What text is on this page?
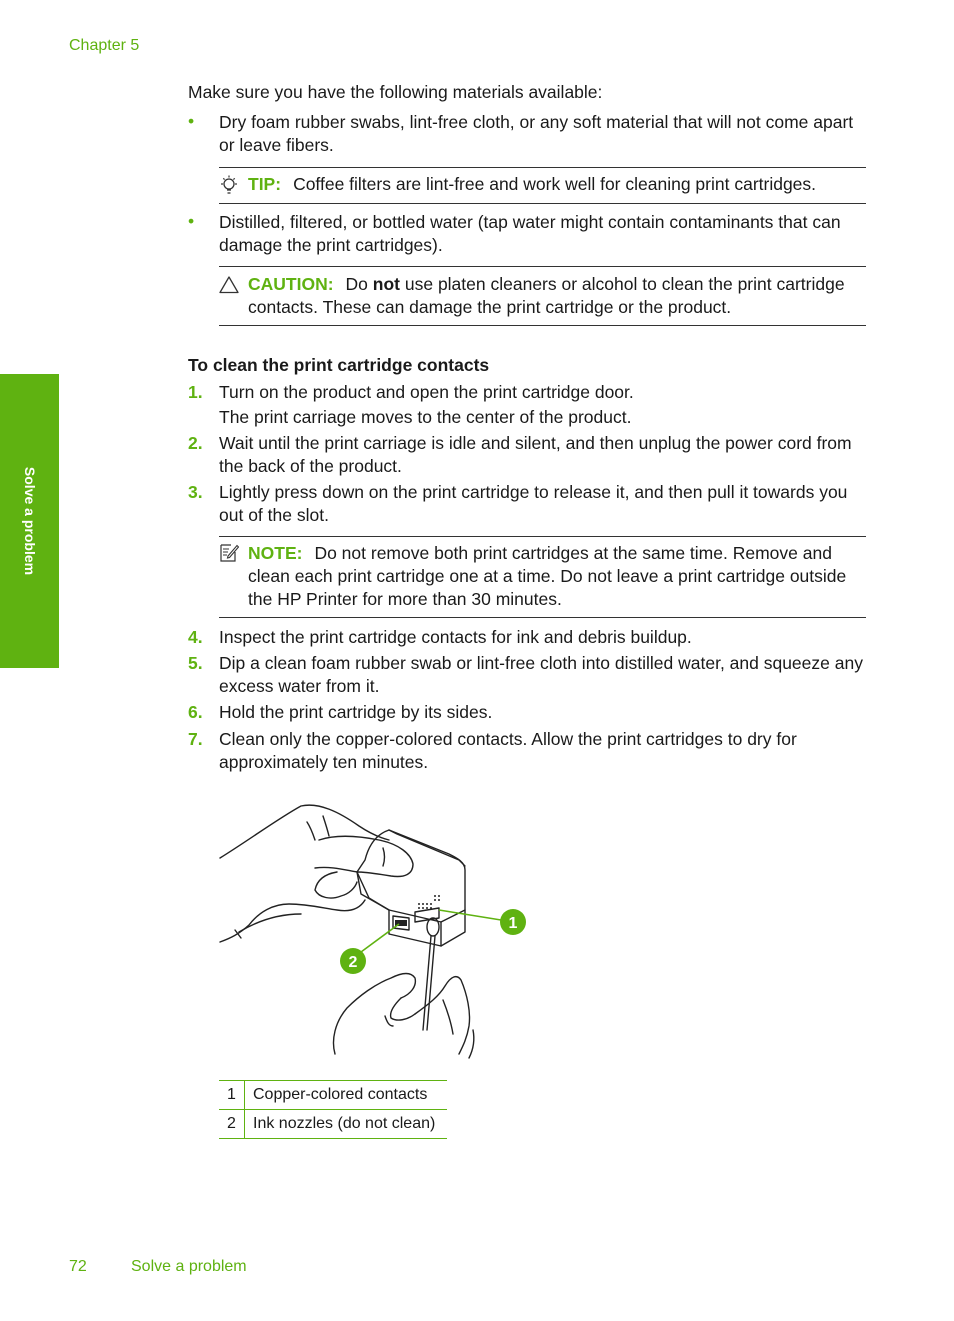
Chapter 5
Solve a problem
Make sure you have the following materials available:
• Dry foam rubber swabs, lint-free cloth, or any soft material that will not come apart or leave fibers.
TIP: Coffee filters are lint-free and work well for cleaning print cartridges.
• Distilled, filtered, or bottled water (tap water might contain contaminants that can damage the print cartridges).
CAUTION: Do not use platen cleaners or alcohol to clean the print cartridge contacts. These can damage the print cartridge or the product.
To clean the print cartridge contacts
1. Turn on the product and open the print cartridge door.
The print carriage moves to the center of the product.
2. Wait until the print carriage is idle and silent, and then unplug the power cord from the back of the product.
3. Lightly press down on the print cartridge to release it, and then pull it towards you out of the slot.
NOTE: Do not remove both print cartridges at the same time. Remove and clean each print cartridge one at a time. Do not leave a print cartridge outside the HP Printer for more than 30 minutes.
4. Inspect the print cartridge contacts for ink and debris buildup.
5. Dip a clean foam rubber swab or lint-free cloth into distilled water, and squeeze any excess water from it.
6. Hold the print cartridge by its sides.
7. Clean only the copper-colored contacts. Allow the print cartridges to dry for approximately ten minutes.
1
2
1	Copper-colored contacts
2	Ink nozzles (do not clean)
72	Solve a problem
